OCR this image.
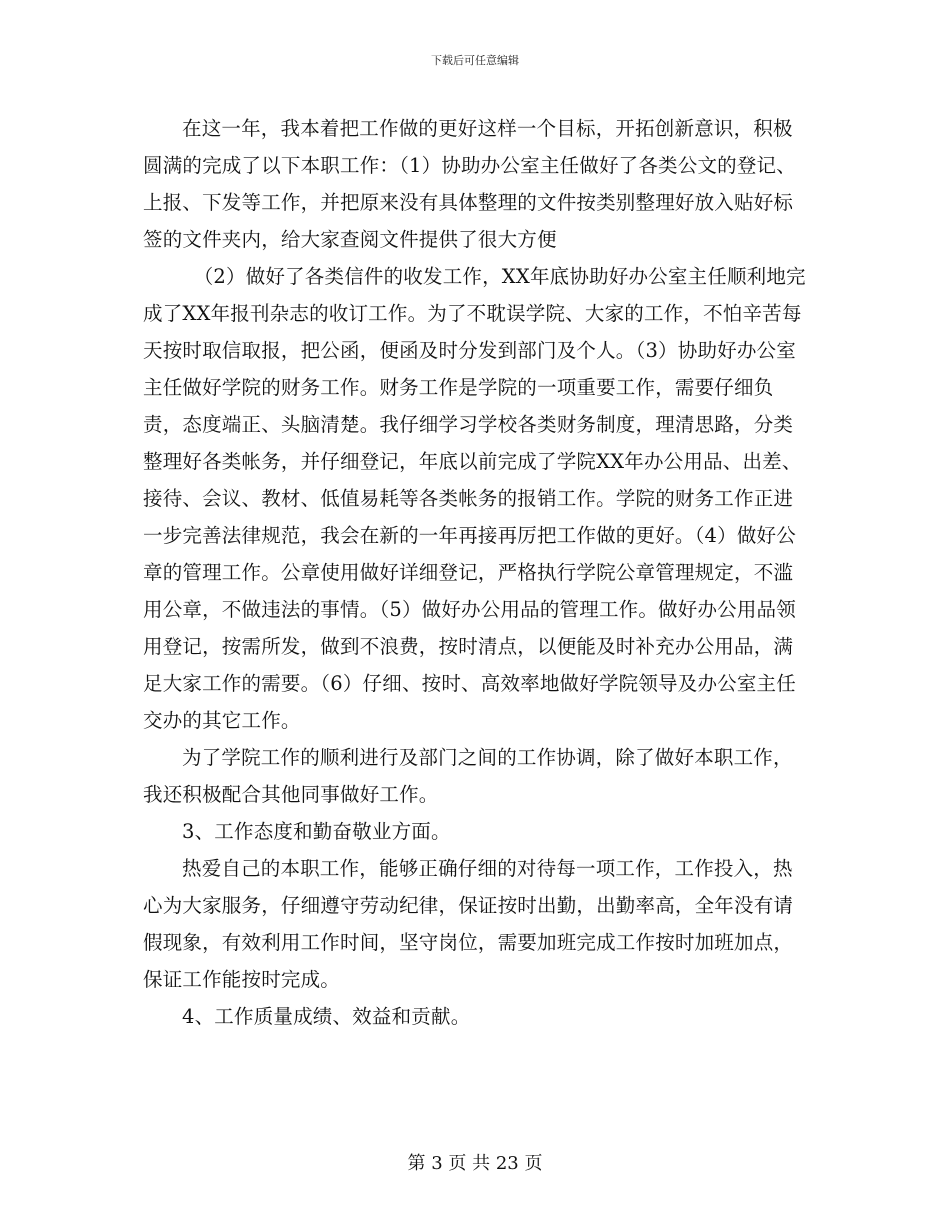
下载后可任意编辑

在这一年，我本着把工作做的更好这样一个目标，开拓创新意识，积极圆满的完成了以下本职工作：（1）协助办公室主任做好了各类公文的登记、上报、下发等工作，并把原来没有具体整理的文件按类别整理好放入贴好标签的文件夹内，给大家查阅文件提供了很大方便

（2）做好了各类信件的收发工作，XX年底协助好办公室主任顺利地完成了XX年报刊杂志的收订工作。为了不耽误学院、大家的工作，不怕辛苦每天按时取信取报，把公函，便函及时分发到部门及个人。（3）协助好办公室主任做好学院的财务工作。财务工作是学院的一项重要工作，需要仔细负责，态度端正、头脑清楚。我仔细学习学校各类财务制度，理清思路，分类整理好各类帐务，并仔细登记，年底以前完成了学院XX年办公用品、出差、接待、会议、教材、低值易耗等各类帐务的报销工作。学院的财务工作正进一步完善法律规范，我会在新的一年再接再厉把工作做的更好。（4）做好公章的管理工作。公章使用做好详细登记，严格执行学院公章管理规定，不滥用公章，不做违法的事情。（5）做好办公用品的管理工作。做好办公用品领用登记，按需所发，做到不浪费，按时清点，以便能及时补充办公用品，满足大家工作的需要。（6）仔细、按时、高效率地做好学院领导及办公室主任交办的其它工作。

为了学院工作的顺利进行及部门之间的工作协调，除了做好本职工作，我还积极配合其他同事做好工作。

3、工作态度和勤奋敬业方面。

热爱自己的本职工作，能够正确仔细的对待每一项工作，工作投入，热心为大家服务，仔细遵守劳动纪律，保证按时出勤，出勤率高，全年没有请假现象，有效利用工作时间，坚守岗位，需要加班完成工作按时加班加点，保证工作能按时完成。

4、工作质量成绩、效益和贡献。

第 3 页 共 23 页
